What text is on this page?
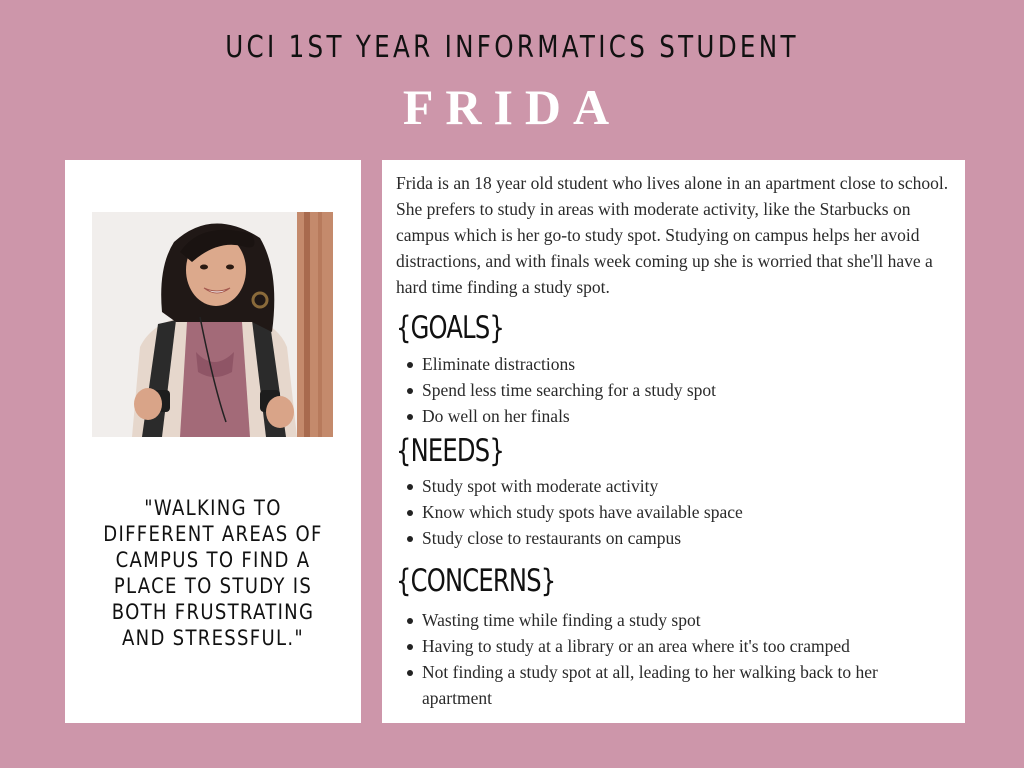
UCI 1ST YEAR INFORMATICS STUDENT
FRIDA
"WALKING TO DIFFERENT AREAS OF CAMPUS TO FIND A PLACE TO STUDY IS BOTH FRUSTRATING AND STRESSFUL."

Frida is an 18 year old student who lives alone in an apartment close to school. She prefers to study in areas with moderate activity, like the Starbucks on campus which is her go-to study spot. Studying on campus helps her avoid distractions, and with finals week coming up she is worried that she'll have a hard time finding a study spot.

{GOALS}
Eliminate distractions
Spend less time searching for a study spot
Do well on her finals
{NEEDS}
Study spot with moderate activity
Know which study spots have available space
Study close to restaurants on campus
{CONCERNS}
Wasting time while finding a study spot
Having to study at a library or an area where it's too cramped
Not finding a study spot at all, leading to her walking back to her apartment
